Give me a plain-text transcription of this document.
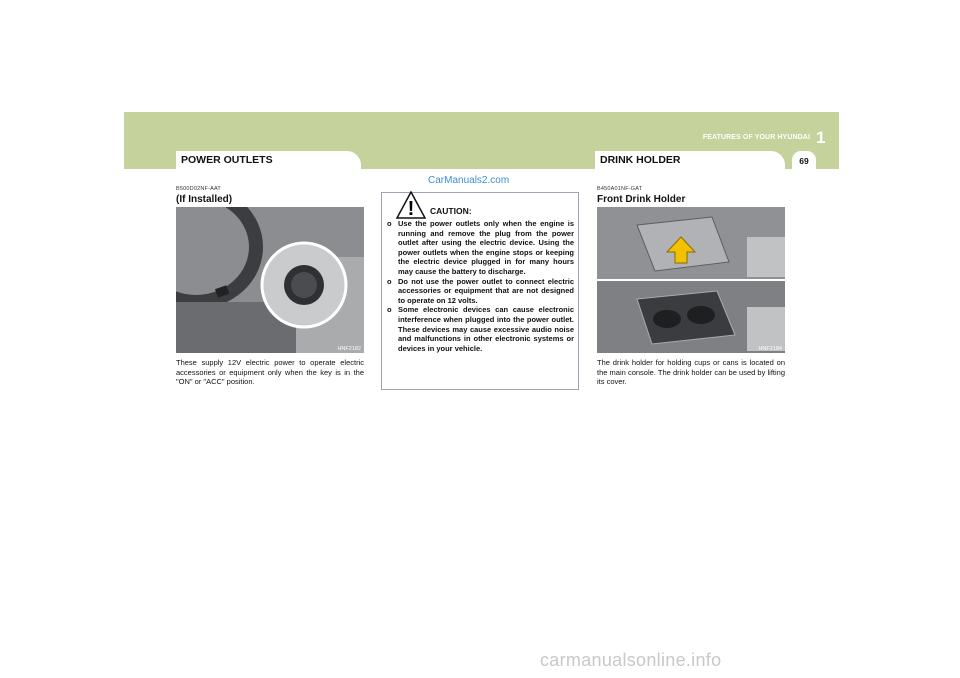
POWER OUTLETS	DRINK HOLDER
1
FEATURES OF YOUR HYUNDAI
69
B500D02NF-AAT
(If Installed)
HNF2182
These supply 12V electric power to operate electric accessories or equipment only when the key is in the "ON" or "ACC" position.
CarManuals2.com
! CAUTION:
o Use the power outlets only when the engine is running and remove the plug from the power outlet after using the electric device. Using the power outlets when the engine stops or keeping the electric device plugged in for many hours may cause the battery to discharge.
o Do not use the power outlet to connect electric accessories or equipment that are not designed to operate on 12 volts.
o Some electronic devices can cause electronic interference when plugged into the power outlet. These devices may cause excessive audio noise and malfunctions in other electronic systems or devices in your vehicle.
B450A01NF-GAT
Front Drink Holder
HNF2184
The drink holder for holding cups or cans is located on the main console. The drink holder can be used by lifting its cover.
carmanualsonline.info
